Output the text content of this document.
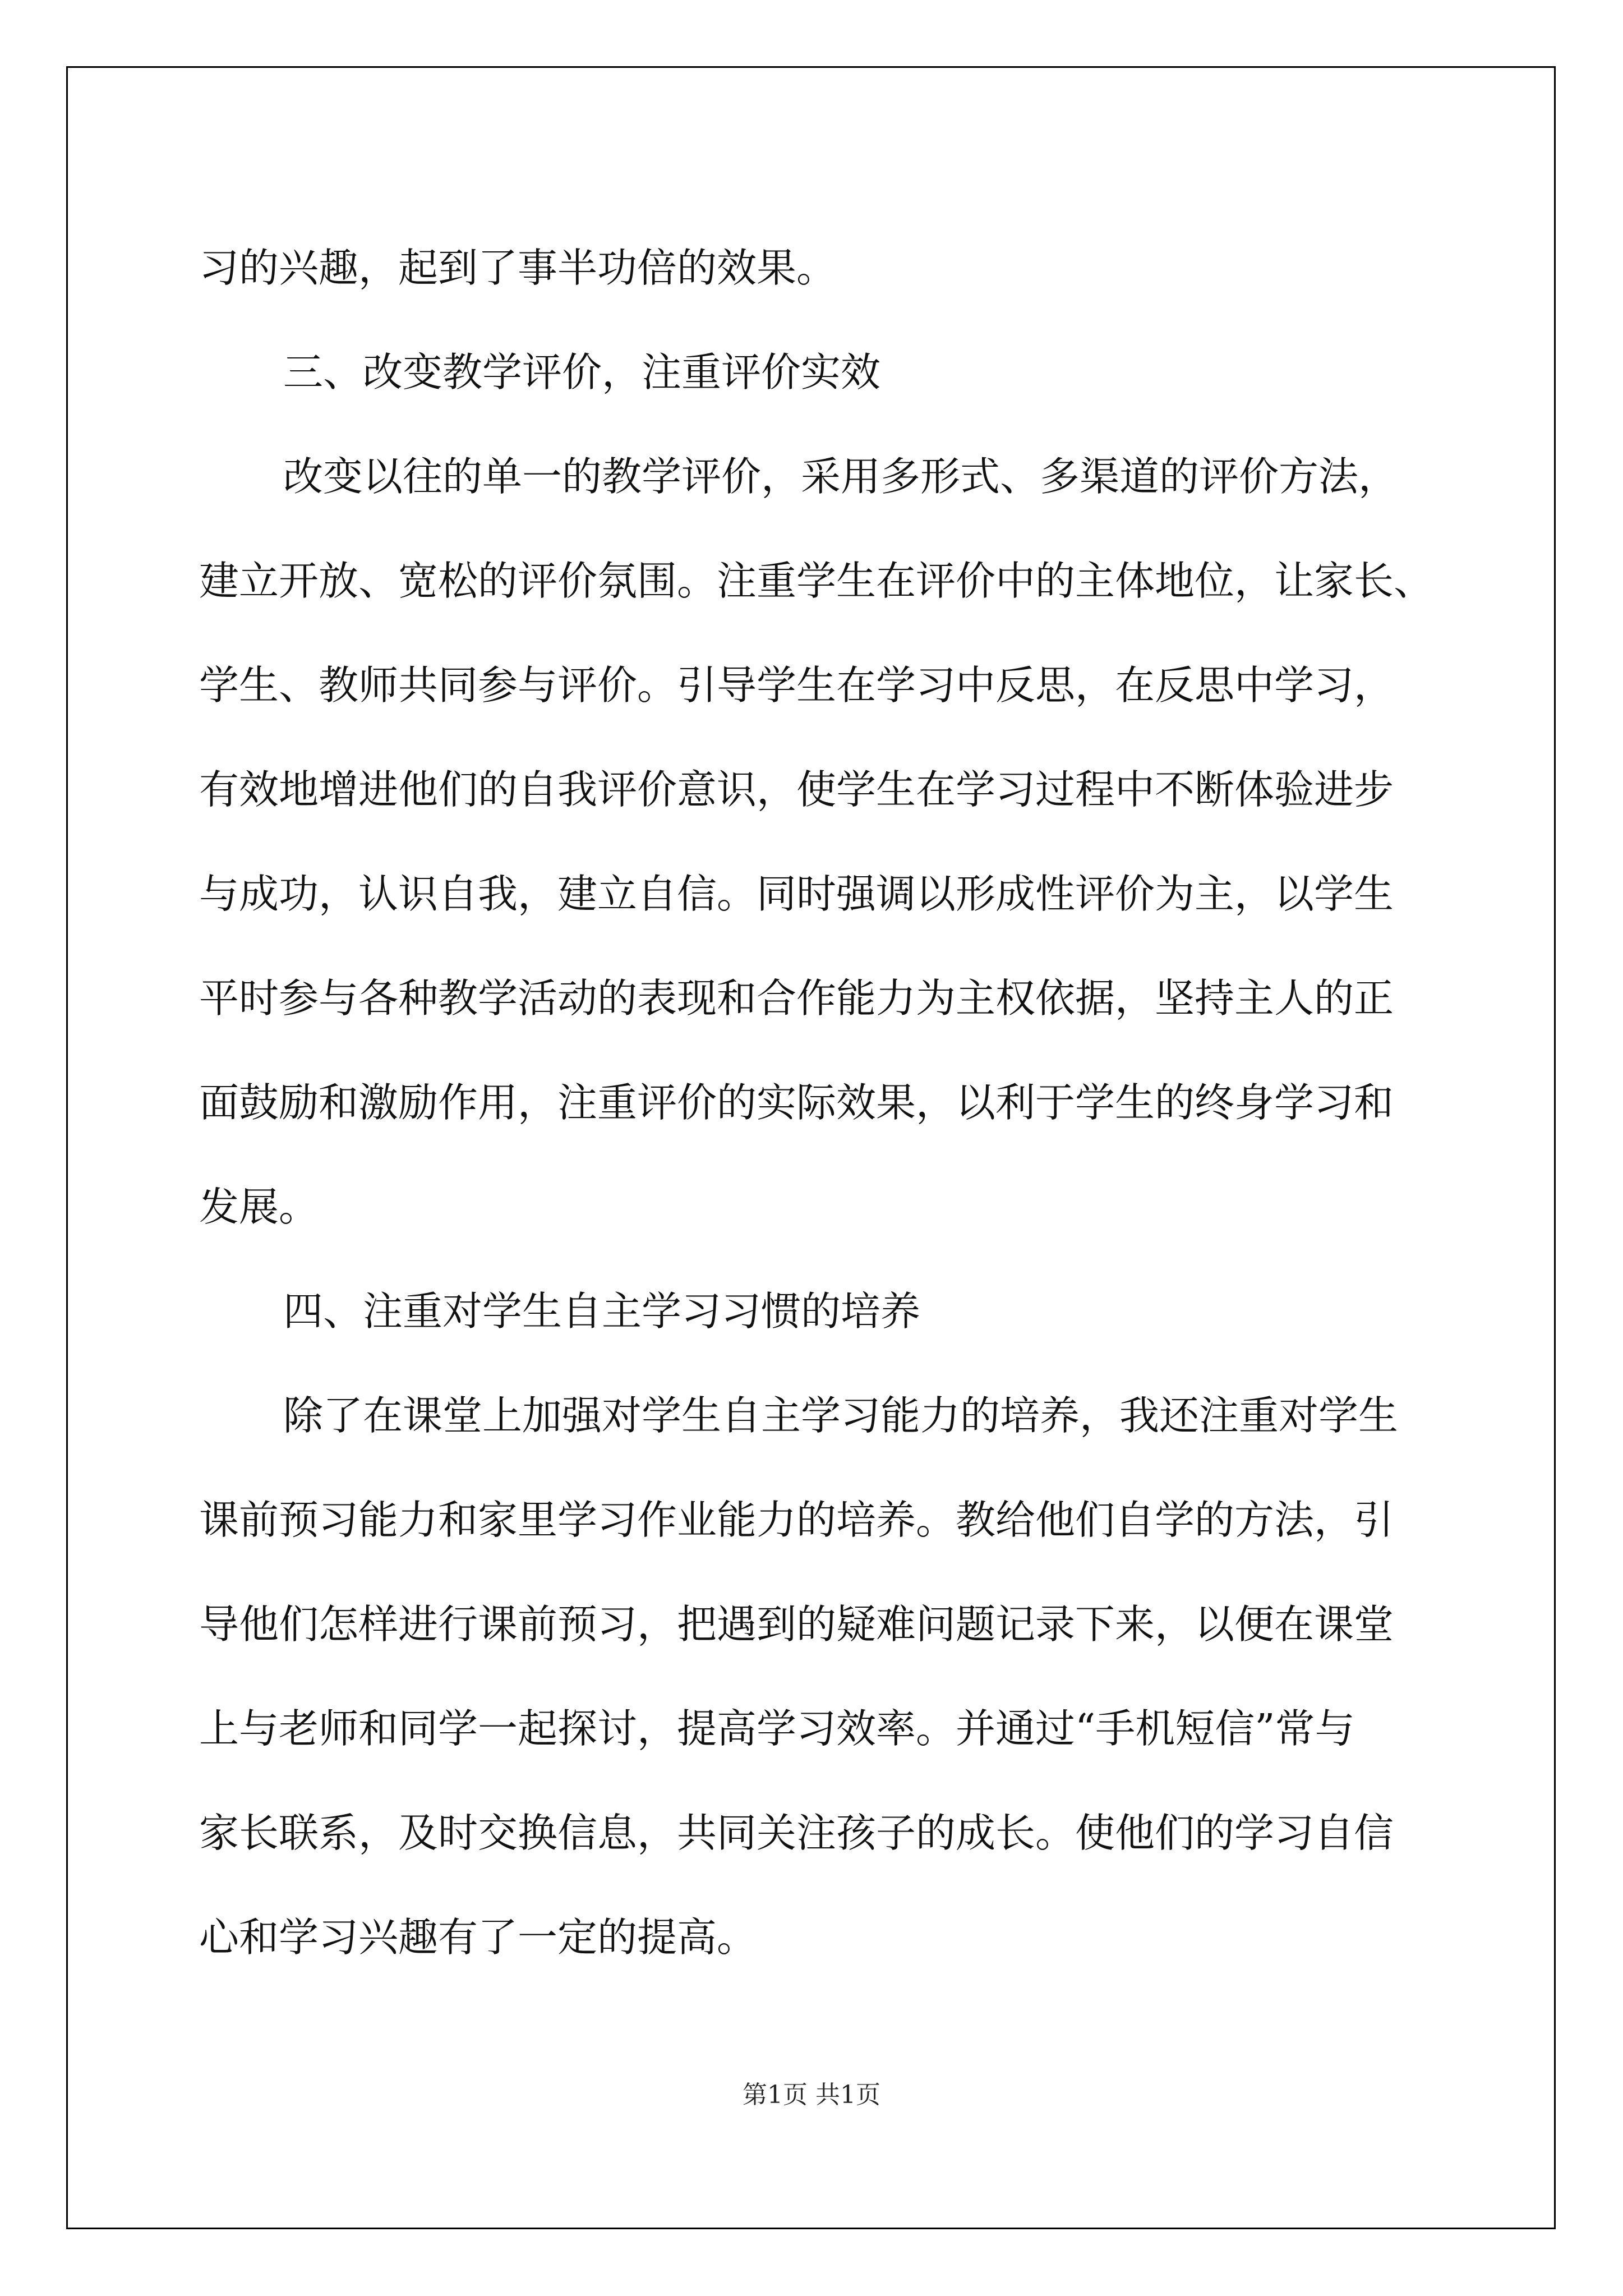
习的兴趣，起到了事半功倍的效果。
三、改变教学评价，注重评价实效
改变以往的单一的教学评价，采用多形式、多渠道的评价方法，
建立开放、宽松的评价氛围。注重学生在评价中的主体地位，让家长、
学生、教师共同参与评价。引导学生在学习中反思，在反思中学习，
有效地增进他们的自我评价意识，使学生在学习过程中不断体验进步
与成功，认识自我，建立自信。同时强调以形成性评价为主，以学生
平时参与各种教学活动的表现和合作能力为主权依据，坚持主人的正
面鼓励和激励作用，注重评价的实际效果，以利于学生的终身学习和
发展。
四、注重对学生自主学习习惯的培养
除了在课堂上加强对学生自主学习能力的培养，我还注重对学生
课前预习能力和家里学习作业能力的培养。教给他们自学的方法，引
导他们怎样进行课前预习，把遇到的疑难问题记录下来，以便在课堂
上与老师和同学一起探讨，提高学习效率。并通过“手机短信”常与
家长联系，及时交换信息，共同关注孩子的成长。使他们的学习自信
心和学习兴趣有了一定的提高。
第1页 共1页
